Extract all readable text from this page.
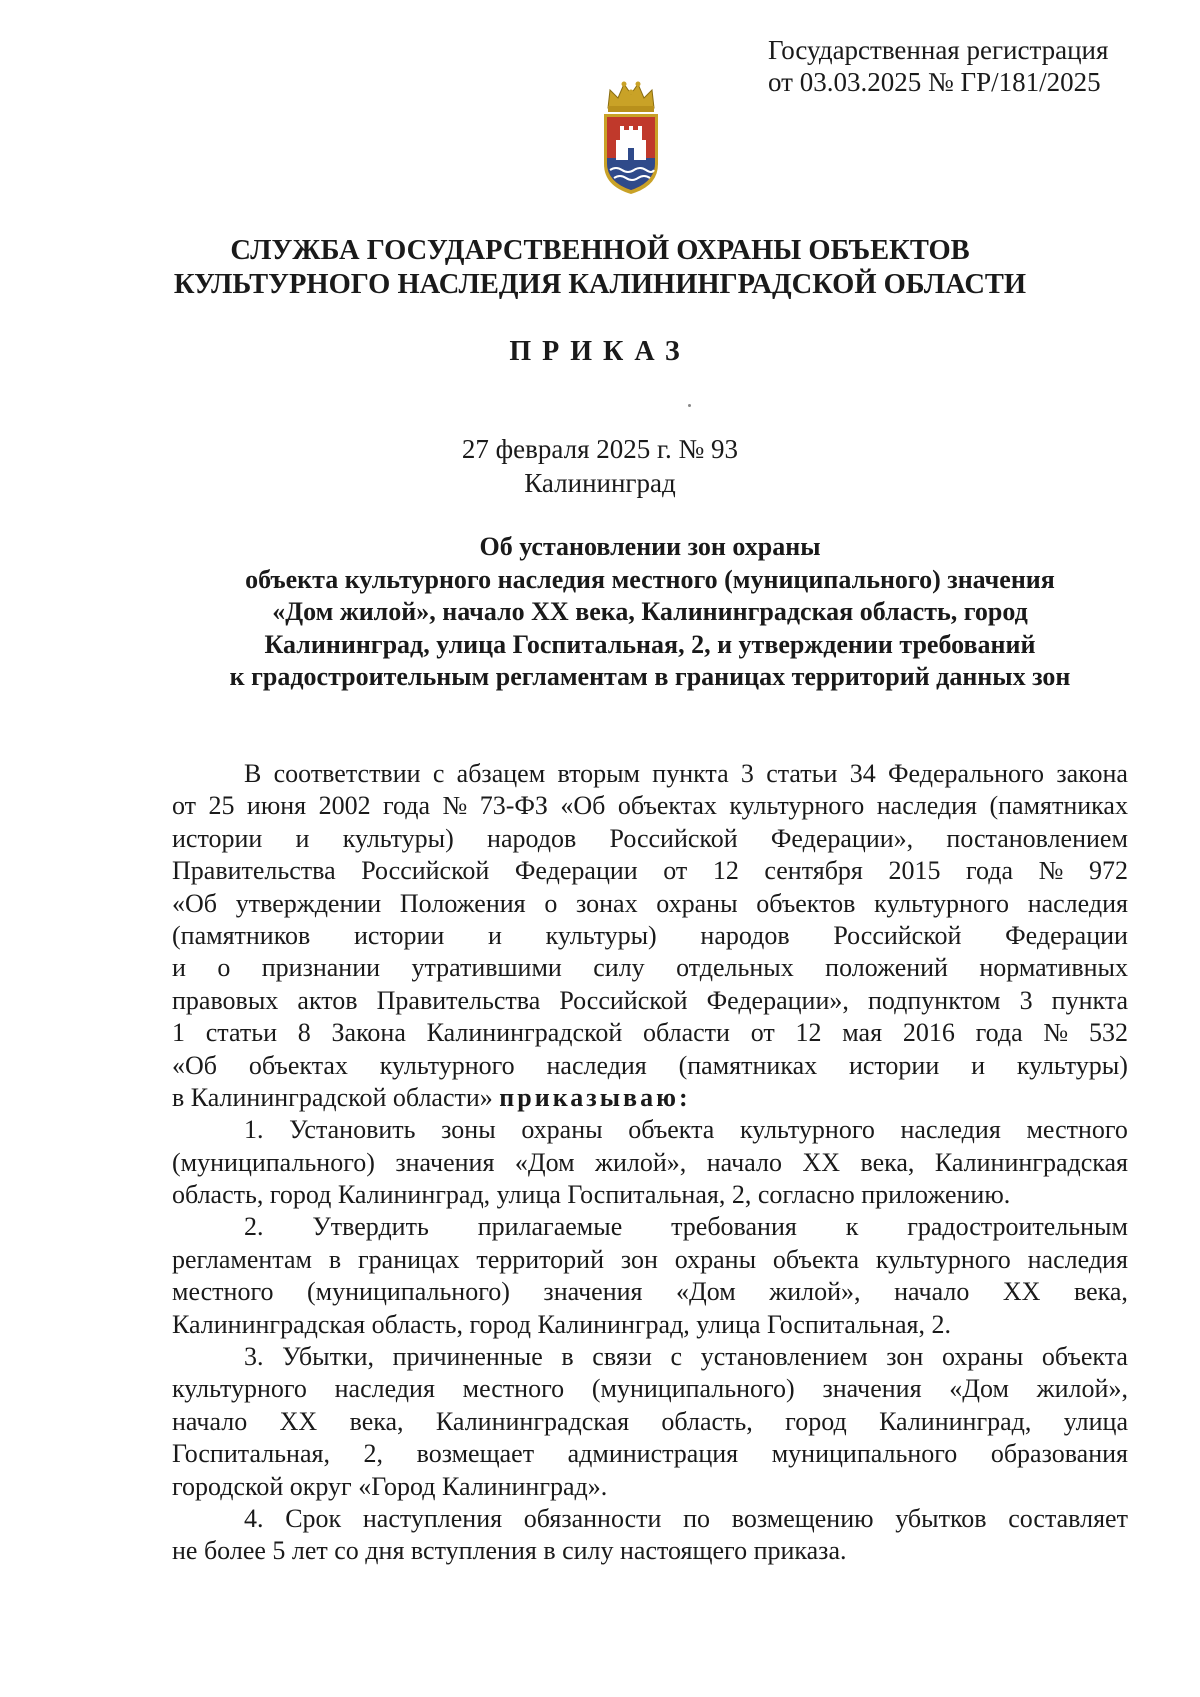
Государственная регистрация
от 03.03.2025 № ГР/181/2025
СЛУЖБА ГОСУДАРСТВЕННОЙ ОХРАНЫ ОБЪЕКТОВ
КУЛЬТУРНОГО НАСЛЕДИЯ КАЛИНИНГРАДСКОЙ ОБЛАСТИ
ПРИКАЗ
27 февраля 2025 г. № 93
Калининград
Об установлении зон охраны
объекта культурного наследия местного (муниципального) значения
«Дом жилой», начало XX века, Калининградская область, город
Калининград, улица Госпитальная, 2, и утверждении требований
к градостроительным регламентам в границах территорий данных зон
В соответствии с абзацем вторым пункта 3 статьи 34 Федерального закона
от 25 июня 2002 года № 73-ФЗ «Об объектах культурного наследия (памятниках
истории и культуры) народов Российской Федерации», постановлением
Правительства Российской Федерации от 12 сентября 2015 года № 972
«Об утверждении Положения о зонах охраны объектов культурного наследия
(памятников истории и культуры) народов Российской Федерации
и о признании утратившими силу отдельных положений нормативных
правовых актов Правительства Российской Федерации», подпунктом 3 пункта
1 статьи 8 Закона Калининградской области от 12 мая 2016 года № 532
«Об объектах культурного наследия (памятниках истории и культуры)
в Калининградской области»
приказываю:
1. Установить зоны охраны объекта культурного наследия местного
(муниципального) значения «Дом жилой», начало XX века, Калининградская
область, город Калининград, улица Госпитальная, 2, согласно приложению.
2. Утвердить прилагаемые требования к градостроительным
регламентам в границах территорий зон охраны объекта культурного наследия
местного (муниципального) значения «Дом жилой», начало XX века,
Калининградская область, город Калининград, улица Госпитальная, 2.
3. Убытки, причиненные в связи с установлением зон охраны объекта
культурного наследия местного (муниципального) значения «Дом жилой»,
начало XX века, Калининградская область, город Калининград, улица
Госпитальная, 2, возмещает администрация муниципального образования
городской округ «Город Калининград».
4. Срок наступления обязанности по возмещению убытков составляет
не более 5 лет со дня вступления в силу настоящего приказа.
